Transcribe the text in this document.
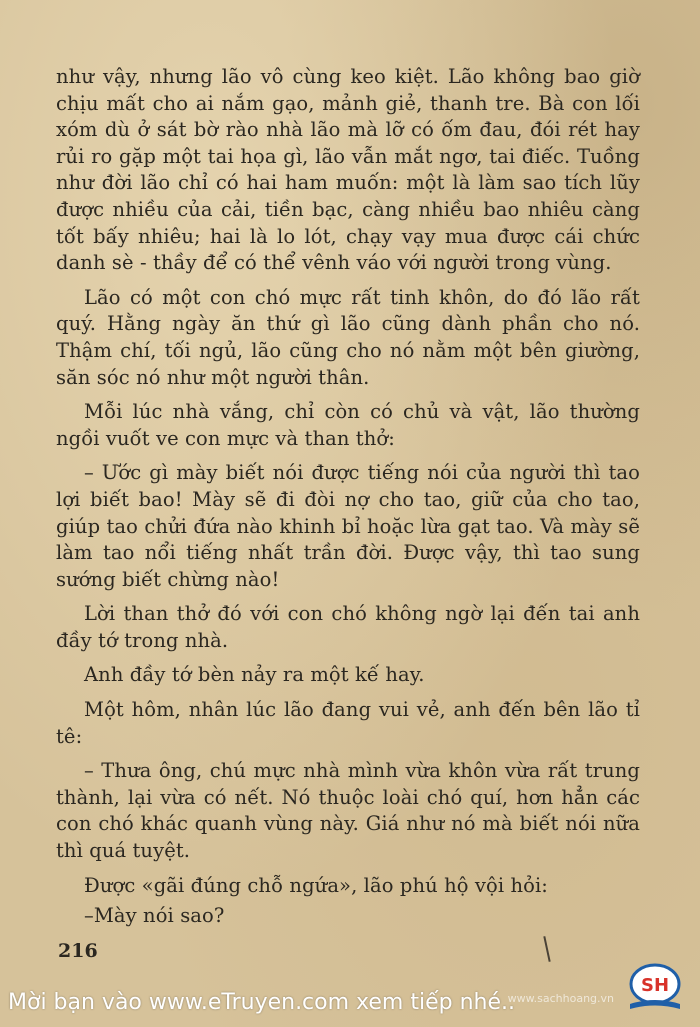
như vậy, nhưng lão vô cùng keo kiệt. Lão không bao giờ chịu mất cho ai nắm gạo, mảnh giẻ, thanh tre. Bà con lối xóm dù ở sát bờ rào nhà lão mà lỡ có ốm đau, đói rét hay rủi ro gặp một tai họa gì, lão vẫn mắt ngơ, tai điếc. Tuồng như đời lão chỉ có hai ham muốn: một là làm sao tích lũy được nhiều của cải, tiền bạc, càng nhiều bao nhiêu càng tốt bấy nhiêu; hai là lo lót, chạy vạy mua được cái chức danh sè - thầy để có thể vênh váo với người trong vùng.

Lão có một con chó mực rất tinh khôn, do đó lão rất quý. Hằng ngày ăn thứ gì lão cũng dành phần cho nó. Thậm chí, tối ngủ, lão cũng cho nó nằm một bên giường, săn sóc nó như một người thân.

Mỗi lúc nhà vắng, chỉ còn có chủ và vật, lão thường ngồi vuốt ve con mực và than thở:

– Ước gì mày biết nói được tiếng nói của người thì tao lợi biết bao! Mày sẽ đi đòi nợ cho tao, giữ của cho tao, giúp tao chửi đứa nào khinh bỉ hoặc lừa gạt tao. Và mày sẽ làm tao nổi tiếng nhất trần đời. Được vậy, thì tao sung sướng biết chừng nào!

Lời than thở đó với con chó không ngờ lại đến tai anh đầy tớ trong nhà.

Anh đầy tớ bèn nảy ra một kế hay.

Một hôm, nhân lúc lão đang vui vẻ, anh đến bên lão tỉ tê:

– Thưa ông, chú mực nhà mình vừa khôn vừa rất trung thành, lại vừa có nết. Nó thuộc loài chó quí, hơn hẳn các con chó khác quanh vùng này. Giá như nó mà biết nói nữa thì quá tuyệt.

Được «gãi đúng chỗ ngứa», lão phú hộ vội hỏi:

–Mày nói sao?

216
www.sachhoang.vn
SH
Mời bạn vào www.eTruyen.com xem tiếp nhé..
